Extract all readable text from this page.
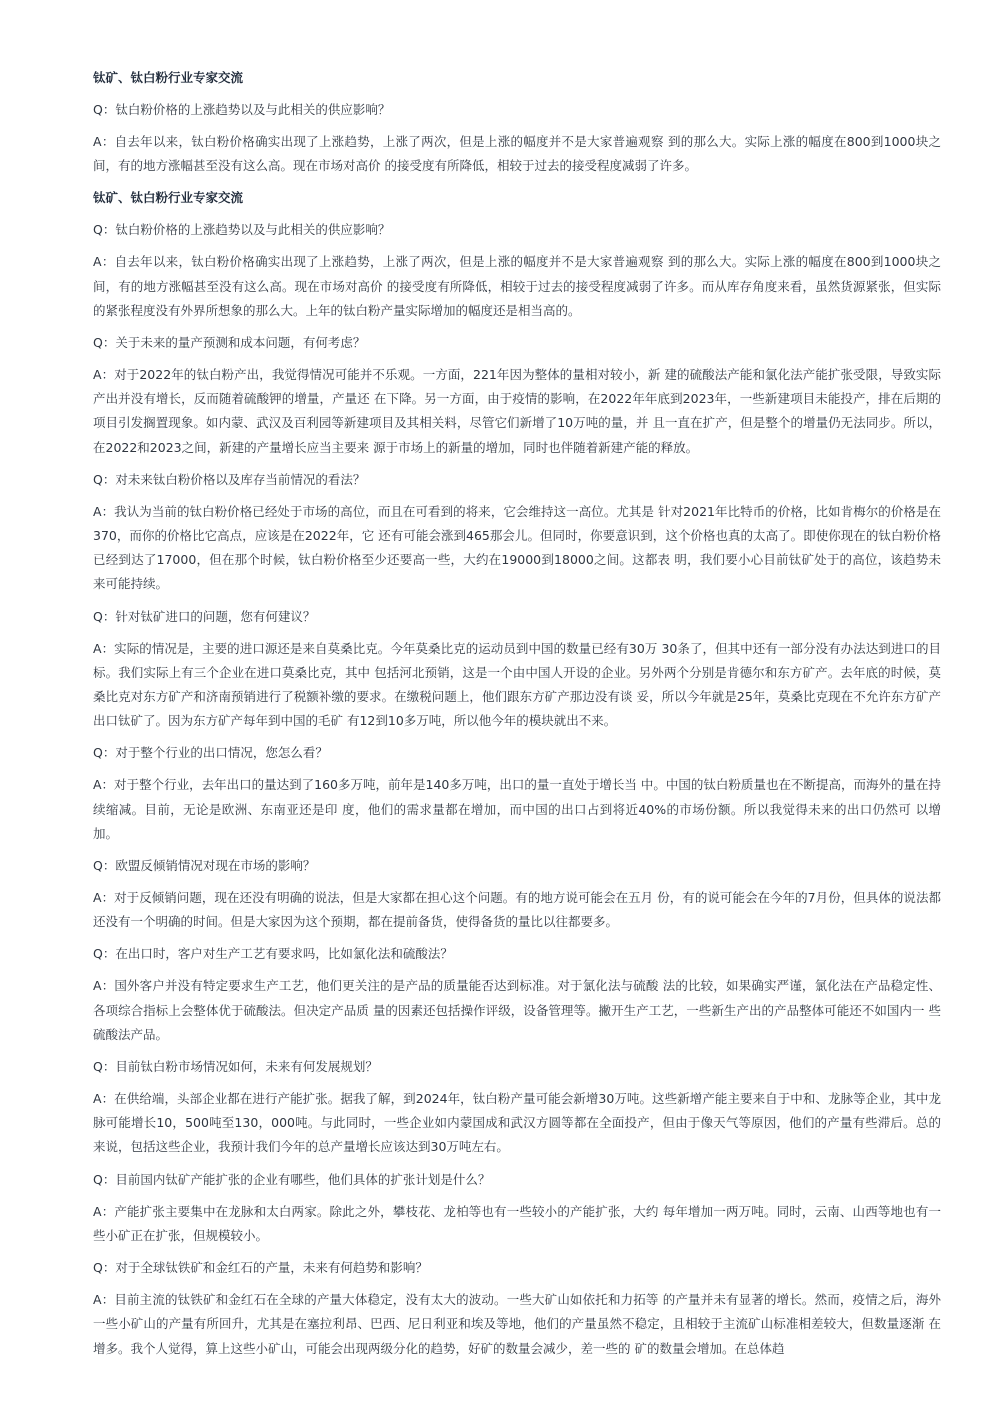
钛矿、钛白粉行业专家交流
Q：钛白粉价格的上涨趋势以及与此相关的供应影响？
A：自去年以来，钛白粉价格确实出现了上涨趋势，上涨了两次，但是上涨的幅度并不是大家普遍观察 到的那么大。实际上涨的幅度在800到1000块之间，有的地方涨幅甚至没有这么高。现在市场对高价 的接受度有所降低，相较于过去的接受程度减弱了许多。
钛矿、钛白粉行业专家交流
Q：钛白粉价格的上涨趋势以及与此相关的供应影响？
A：自去年以来，钛白粉价格确实出现了上涨趋势，上涨了两次，但是上涨的幅度并不是大家普遍观察 到的那么大。实际上涨的幅度在800到1000块之间，有的地方涨幅甚至没有这么高。现在市场对高价 的接受度有所降低，相较于过去的接受程度减弱了许多。而从库存角度来看，虽然货源紧张，但实际 的紧张程度没有外界所想象的那么大。上年的钛白粉产量实际增加的幅度还是相当高的。
Q：关于未来的量产预测和成本问题，有何考虑？
A：对于2022年的钛白粉产出，我觉得情况可能并不乐观。一方面，221年因为整体的量相对较小，新 建的硫酸法产能和氯化法产能扩张受限，导致实际产出并没有增长，反而随着硫酸钾的增量，产量还 在下降。另一方面，由于疫情的影响，在2022年年底到2023年，一些新建项目未能投产，排在后期的 项目引发搁置现象。如内蒙、武汉及百利园等新建项目及其相关料，尽管它们新增了10万吨的量，并 且一直在扩产，但是整个的增量仍无法同步。所以，在2022和2023之间，新建的产量增长应当主要来 源于市场上的新量的增加，同时也伴随着新建产能的释放。
Q：对未来钛白粉价格以及库存当前情况的看法？
A：我认为当前的钛白粉价格已经处于市场的高位，而且在可看到的将来，它会维持这一高位。尤其是 针对2021年比特币的价格，比如肯梅尔的价格是在370，而你的价格比它高点，应该是在2022年，它 还有可能会涨到465那会儿。但同时，你要意识到，这个价格也真的太高了。即使你现在的钛白粉价格 已经到达了17000，但在那个时候，钛白粉价格至少还要高一些，大约在19000到18000之间。这都表 明，我们要小心目前钛矿处于的高位，该趋势未来可能持续。
Q：针对钛矿进口的问题，您有何建议？
A：实际的情况是，主要的进口源还是来自莫桑比克。今年莫桑比克的运动员到中国的数量已经有30万 30条了，但其中还有一部分没有办法达到进口的目标。我们实际上有三个企业在进口莫桑比克，其中 包括河北预销，这是一个由中国人开设的企业。另外两个分别是肯德尔和东方矿产。去年底的时候，莫桑比克对东方矿产和济南预销进行了税额补缴的要求。在缴税问题上，他们跟东方矿产那边没有谈 妥，所以今年就是25年，莫桑比克现在不允许东方矿产出口钛矿了。因为东方矿产每年到中国的毛矿 有12到10多万吨，所以他今年的模块就出不来。
Q：对于整个行业的出口情况，您怎么看？
A：对于整个行业，去年出口的量达到了160多万吨，前年是140多万吨，出口的量一直处于增长当 中。中国的钛白粉质量也在不断提高，而海外的量在持续缩减。目前，无论是欧洲、东南亚还是印 度，他们的需求量都在增加，而中国的出口占到将近40%的市场份额。所以我觉得未来的出口仍然可 以增加。
Q：欧盟反倾销情况对现在市场的影响？
A：对于反倾销问题，现在还没有明确的说法，但是大家都在担心这个问题。有的地方说可能会在五月 份，有的说可能会在今年的7月份，但具体的说法都还没有一个明确的时间。但是大家因为这个预期，都在提前备货，使得备货的量比以往都要多。
Q：在出口时，客户对生产工艺有要求吗，比如氯化法和硫酸法？
A：国外客户并没有特定要求生产工艺，他们更关注的是产品的质量能否达到标准。对于氯化法与硫酸 法的比较，如果确实严谨，氯化法在产品稳定性、各项综合指标上会整体优于硫酸法。但决定产品质 量的因素还包括操作评级，设备管理等。撇开生产工艺，一些新生产出的产品整体可能还不如国内一 些硫酸法产品。
Q：目前钛白粉市场情况如何，未来有何发展规划？
A：在供给端，头部企业都在进行产能扩张。据我了解，到2024年，钛白粉产量可能会新增30万吨。这些新增产能主要来自于中和、龙脉等企业，其中龙脉可能增长10，500吨至130，000吨。与此同时，一些企业如内蒙国成和武汉方圆等都在全面投产，但由于像天气等原因，他们的产量有些滞后。总的 来说，包括这些企业，我预计我们今年的总产量增长应该达到30万吨左右。
Q：目前国内钛矿产能扩张的企业有哪些，他们具体的扩张计划是什么？
A：产能扩张主要集中在龙脉和太白两家。除此之外，攀枝花、龙柏等也有一些较小的产能扩张，大约 每年增加一两万吨。同时，云南、山西等地也有一些小矿正在扩张，但规模较小。
Q：对于全球钛铁矿和金红石的产量，未来有何趋势和影响？
A：目前主流的钛铁矿和金红石在全球的产量大体稳定，没有太大的波动。一些大矿山如依托和力拓等 的产量并未有显著的增长。然而，疫情之后，海外一些小矿山的产量有所回升，尤其是在塞拉利昂、巴西、尼日利亚和埃及等地，他们的产量虽然不稳定，且相较于主流矿山标准相差较大，但数量逐渐 在增多。我个人觉得，算上这些小矿山，可能会出现两级分化的趋势，好矿的数量会减少，差一些的 矿的数量会增加。在总体趋
